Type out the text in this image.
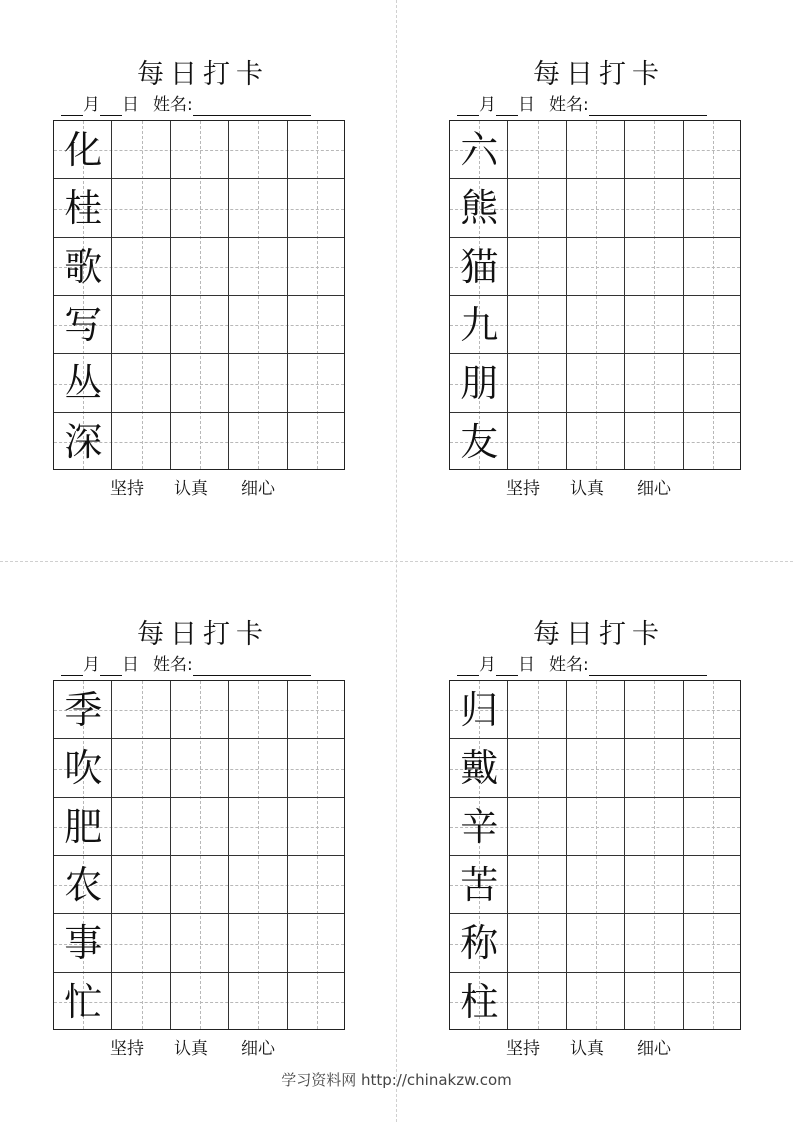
每日打卡
月 日 姓名:
化
桂
歌
写
丛
深
坚持 认真 细心
每日打卡
月 日 姓名:
六
熊
猫
九
朋
友
坚持 认真 细心
每日打卡
月 日 姓名:
季
吹
肥
农
事
忙
坚持 认真 细心
每日打卡
月 日 姓名:
归
戴
辛
苦
称
柱
坚持 认真 细心
学习资料网 http://chinakzw.com
